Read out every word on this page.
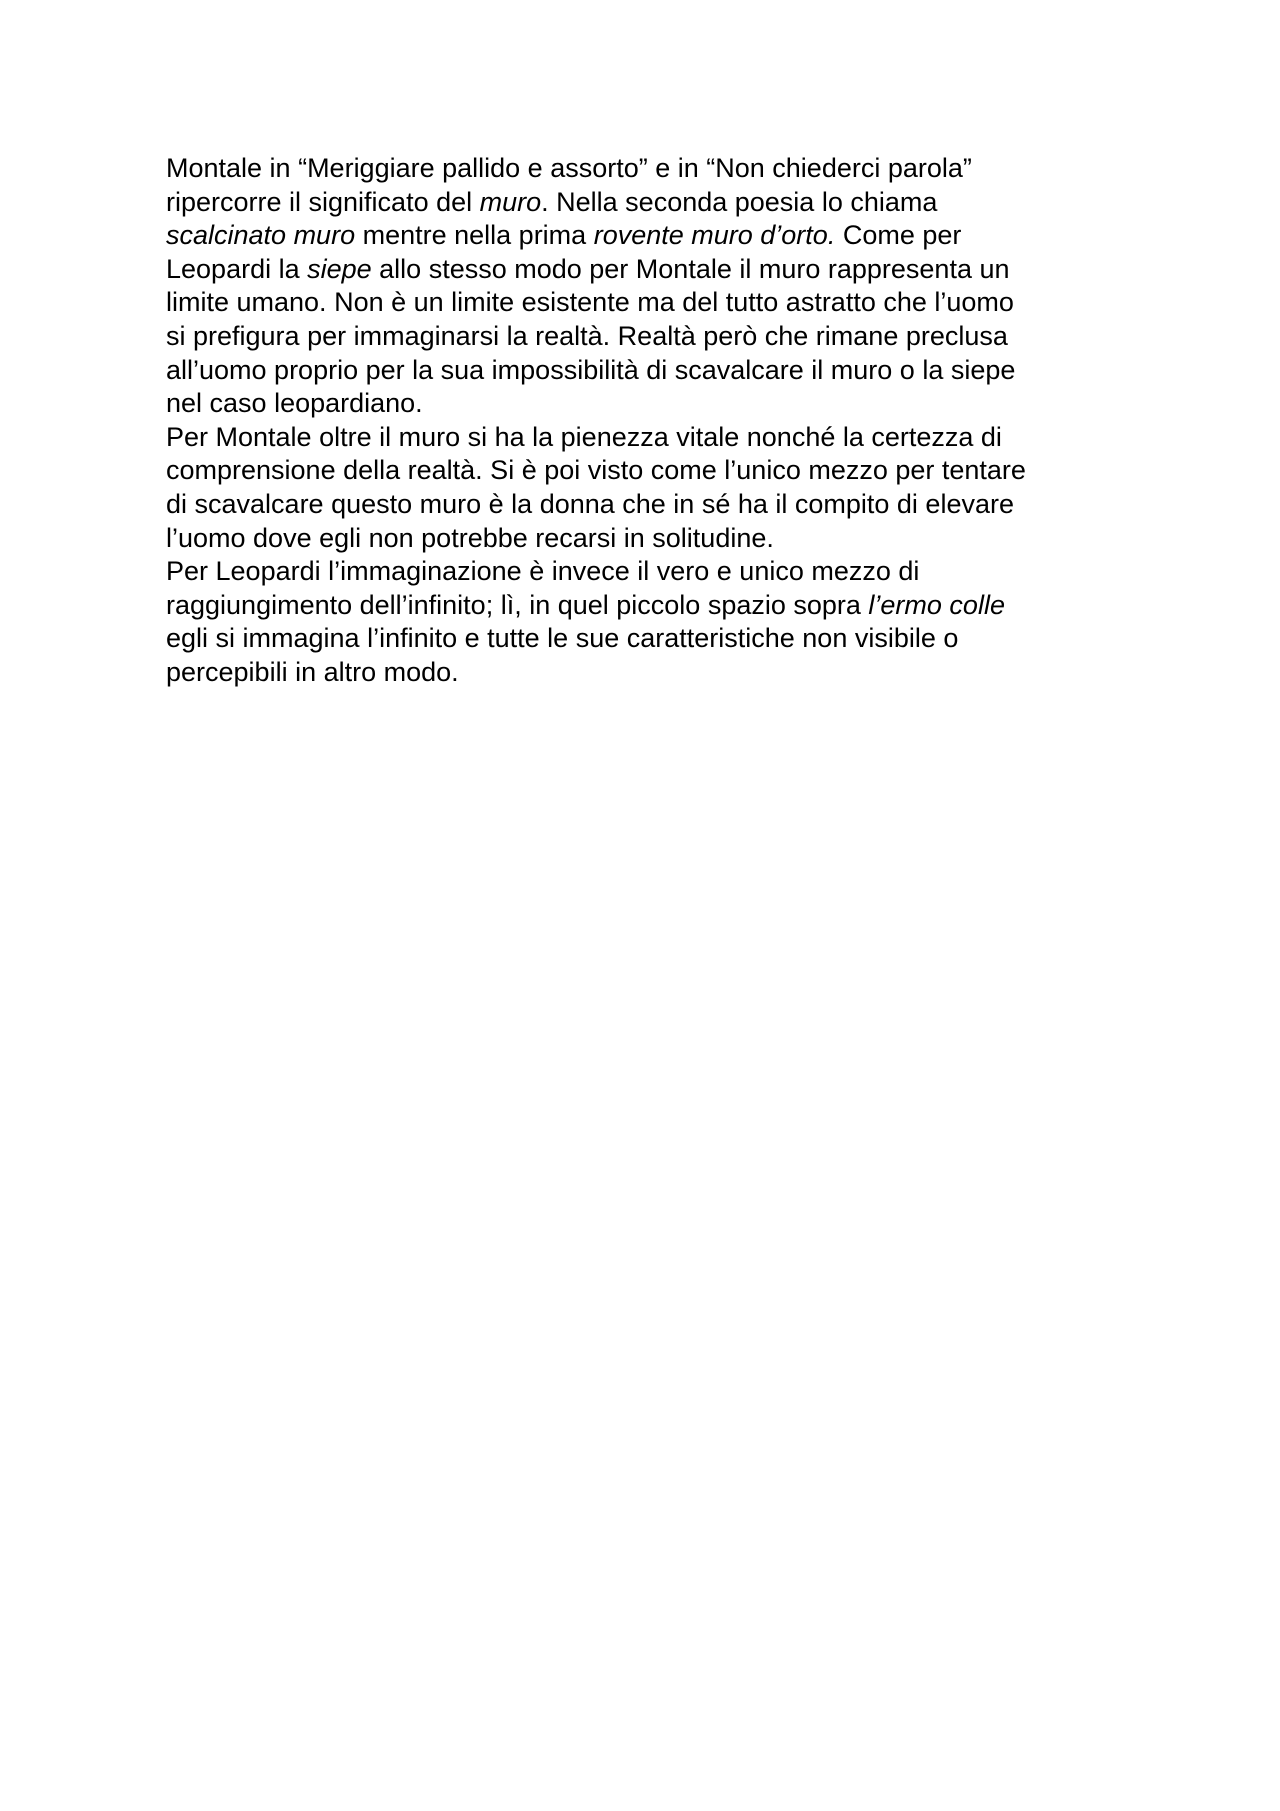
Montale in “Meriggiare pallido e assorto” e in “Non chiederci parola”
ripercorre il significato del muro. Nella seconda poesia lo chiama
scalcinato muro mentre nella prima rovente muro d’orto. Come per
Leopardi la siepe allo stesso modo per Montale il muro rappresenta un
limite umano. Non è un limite esistente ma del tutto astratto che l’uomo
si prefigura per immaginarsi la realtà. Realtà però che rimane preclusa
all’uomo proprio per la sua impossibilità di scavalcare il muro o la siepe
nel caso leopardiano.
Per Montale oltre il muro si ha la pienezza vitale nonché la certezza di
comprensione della realtà. Si è poi visto come l’unico mezzo per tentare
di scavalcare questo muro è la donna che in sé ha il compito di elevare
l’uomo dove egli non potrebbe recarsi in solitudine.
Per Leopardi l’immaginazione è invece il vero e unico mezzo di
raggiungimento dell’infinito; lì, in quel piccolo spazio sopra l’ermo colle
egli si immagina l’infinito e tutte le sue caratteristiche non visibile o
percepibili in altro modo.
